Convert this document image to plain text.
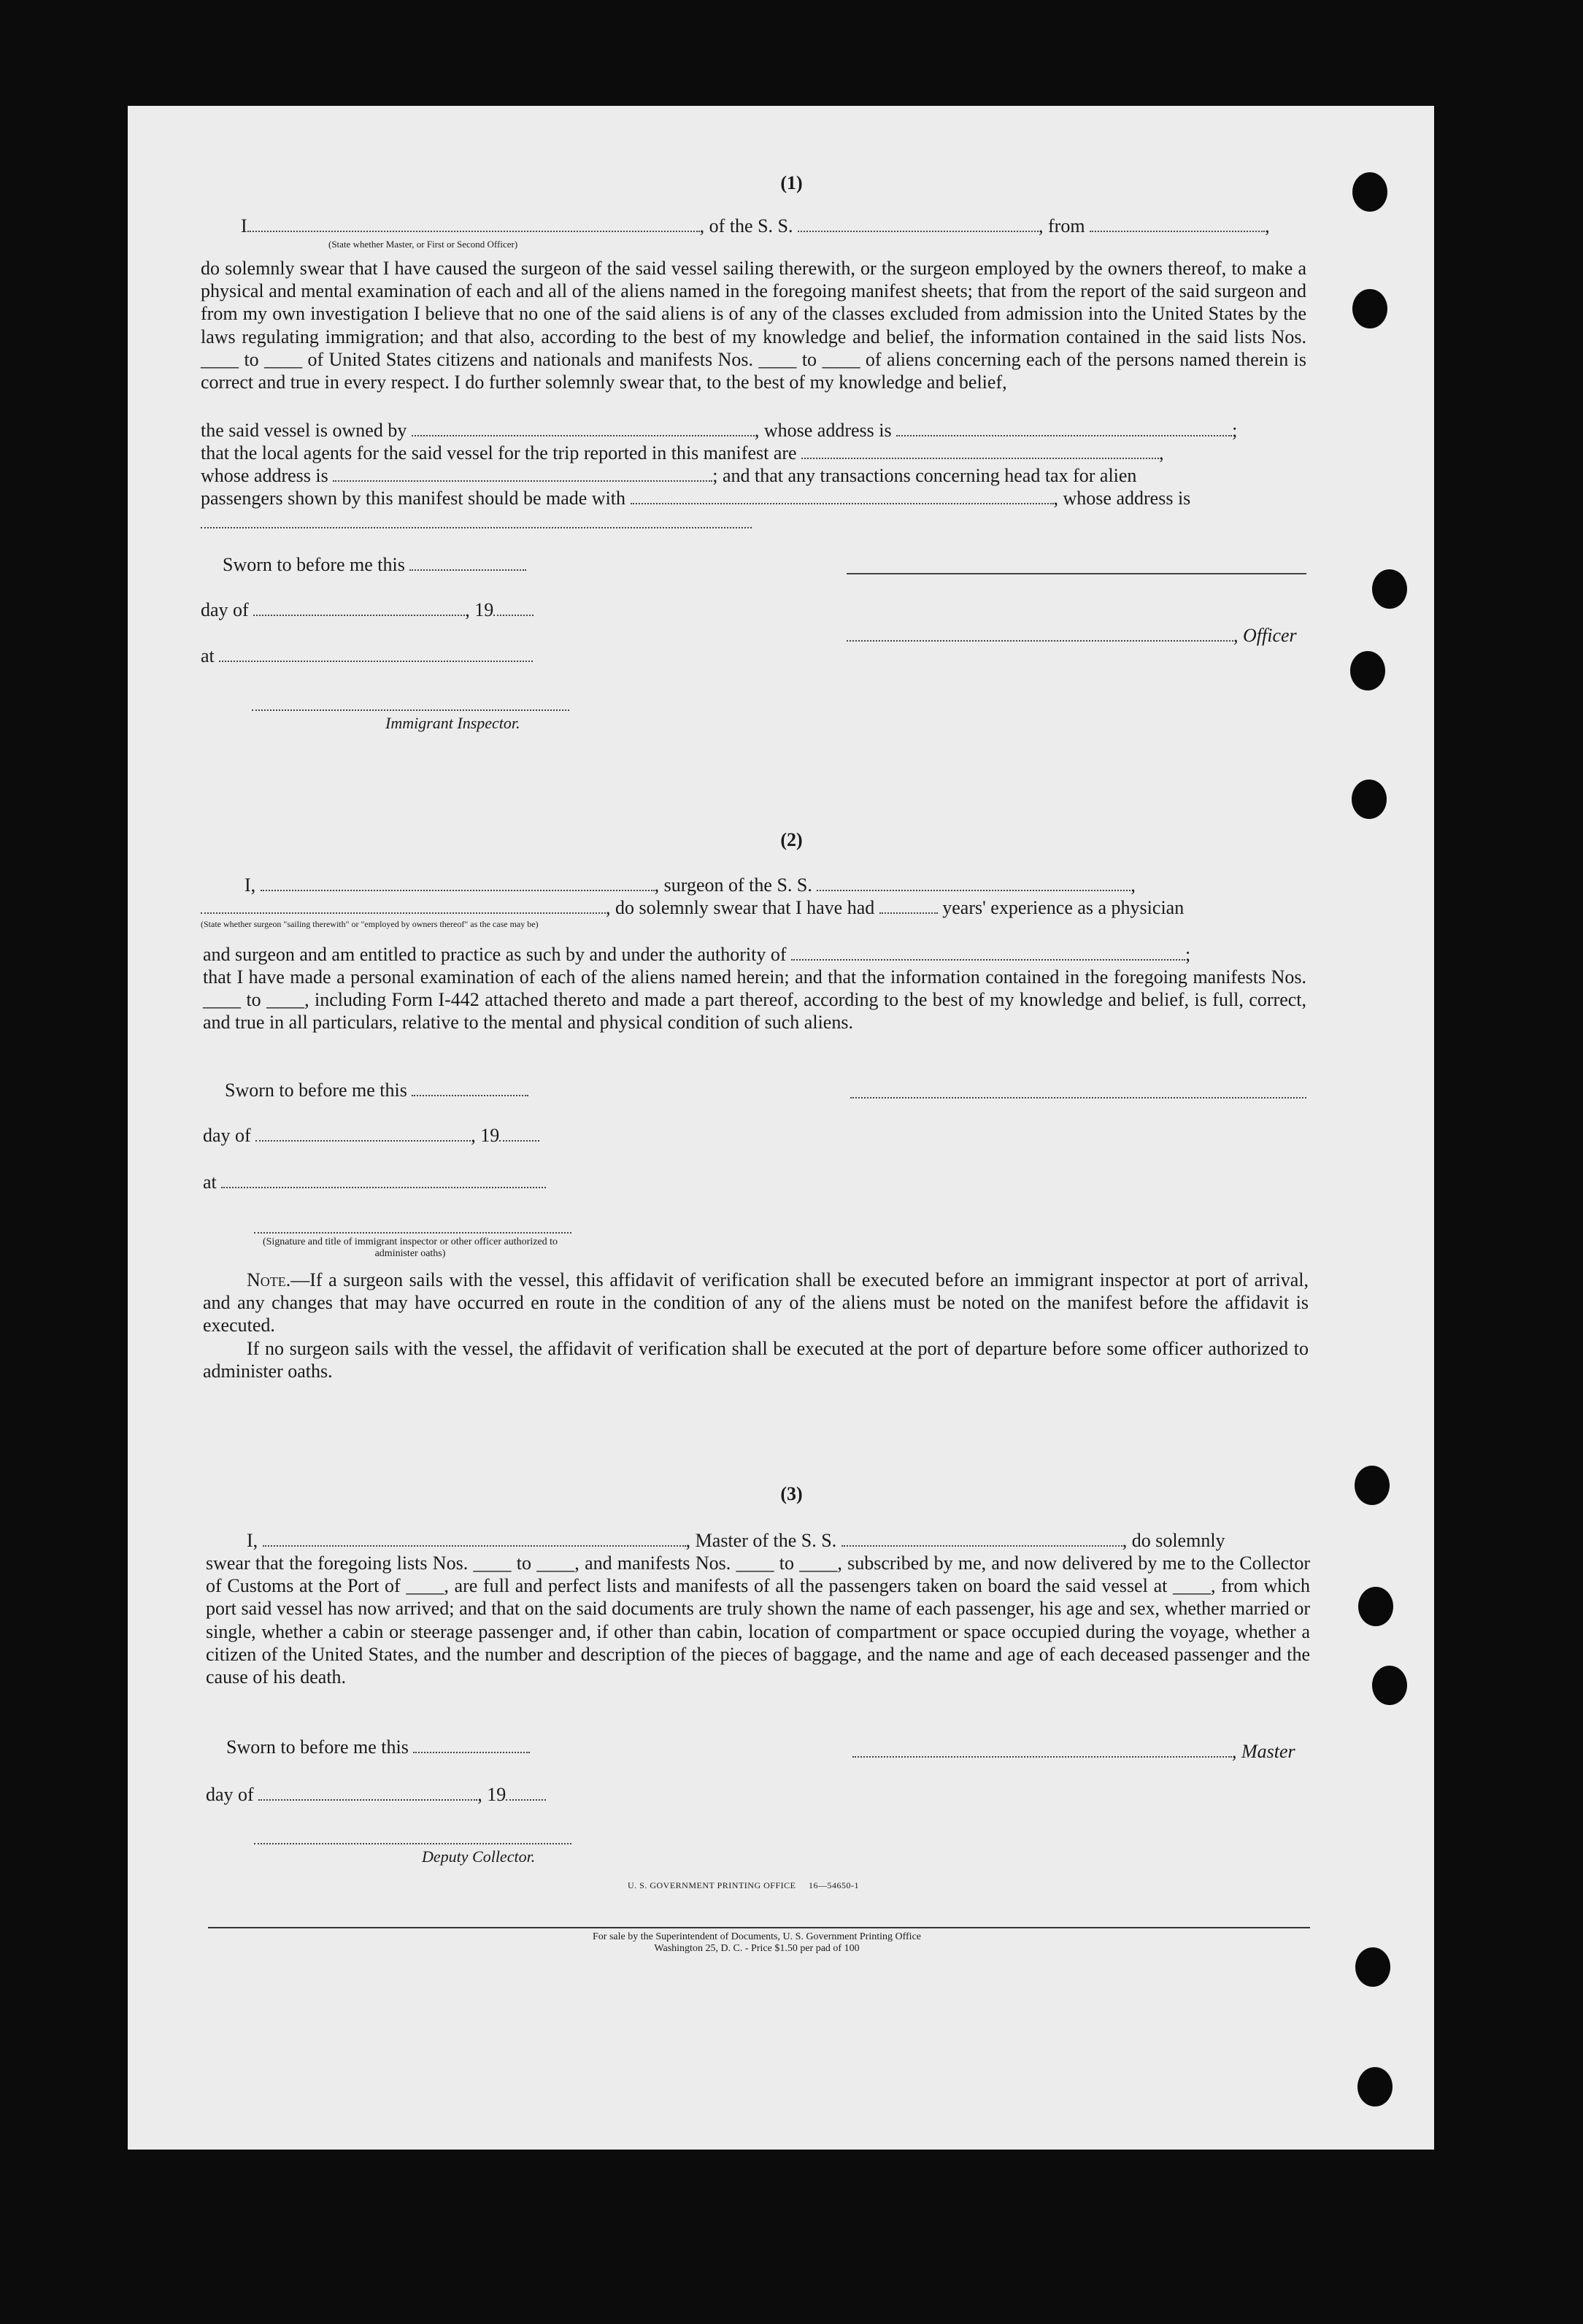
(1)
I	, of the S. S.	, from	,
(State whether Master, or First or Second Officer)
do solemnly swear that I have caused the surgeon of the said vessel sailing therewith, or the surgeon employed by the owners thereof, to make a physical and mental examination of each and all of the aliens named in the foregoing manifest sheets; that from the report of the said surgeon and from my own investigation I believe that no one of the said aliens is of any of the classes excluded from admission into the United States by the laws regulating immigration; and that also, according to the best of my knowledge and belief, the information contained in the said lists Nos. ____ to ____ of United States citizens and nationals and manifests Nos. ____ to ____ of aliens concerning each of the persons named therein is correct and true in every respect. I do further solemnly swear that, to the best of my knowledge and belief,
the said vessel is owned by	, whose address is	;
that the local agents for the said vessel for the trip reported in this manifest are	,
whose address is	; and that any transactions concerning head tax for alien
passengers shown by this manifest should be made with	, whose address is
Sworn to before me this
day of	, 19
, Officer
at
Immigrant Inspector.
(2)
I,	, surgeon of the S. S.	,
, do solemnly swear that I have had	years' experience as a physician
(State whether surgeon "sailing therewith" or "employed by owners thereof" as the case may be)
and surgeon and am entitled to practice as such by and under the authority of	;
that I have made a personal examination of each of the aliens named herein; and that the information contained in the foregoing manifests Nos. ____ to ____, including Form I-442 attached thereto and made a part thereof, according to the best of my knowledge and belief, is full, correct, and true in all particulars, relative to the mental and physical condition of such aliens.
Sworn to before me this
day of	, 19
at
(Signature and title of immigrant inspector or other officer authorized to administer oaths)
Note.—If a surgeon sails with the vessel, this affidavit of verification shall be executed before an immigrant inspector at port of arrival, and any changes that may have occurred en route in the condition of any of the aliens must be noted on the manifest before the affidavit is executed.
If no surgeon sails with the vessel, the affidavit of verification shall be executed at the port of departure before some officer authorized to administer oaths.
(3)
I,	, Master of the S. S.	, do solemnly
swear that the foregoing lists Nos. ____ to ____, and manifests Nos. ____ to ____, subscribed by me, and now delivered by me to the Collector of Customs at the Port of ____, are full and perfect lists and manifests of all the passengers taken on board the said vessel at ____, from which port said vessel has now arrived; and that on the said documents are truly shown the name of each passenger, his age and sex, whether married or single, whether a cabin or steerage passenger and, if other than cabin, location of compartment or space occupied during the voyage, whether a citizen of the United States, and the number and description of the pieces of baggage, and the name and age of each deceased passenger and the cause of his death.
Sworn to before me this	, Master
day of	, 19
Deputy Collector.
U. S. GOVERNMENT PRINTING OFFICE     16—54650-1
For sale by the Superintendent of Documents, U. S. Government Printing Office
Washington 25, D. C. - Price $1.50 per pad of 100
